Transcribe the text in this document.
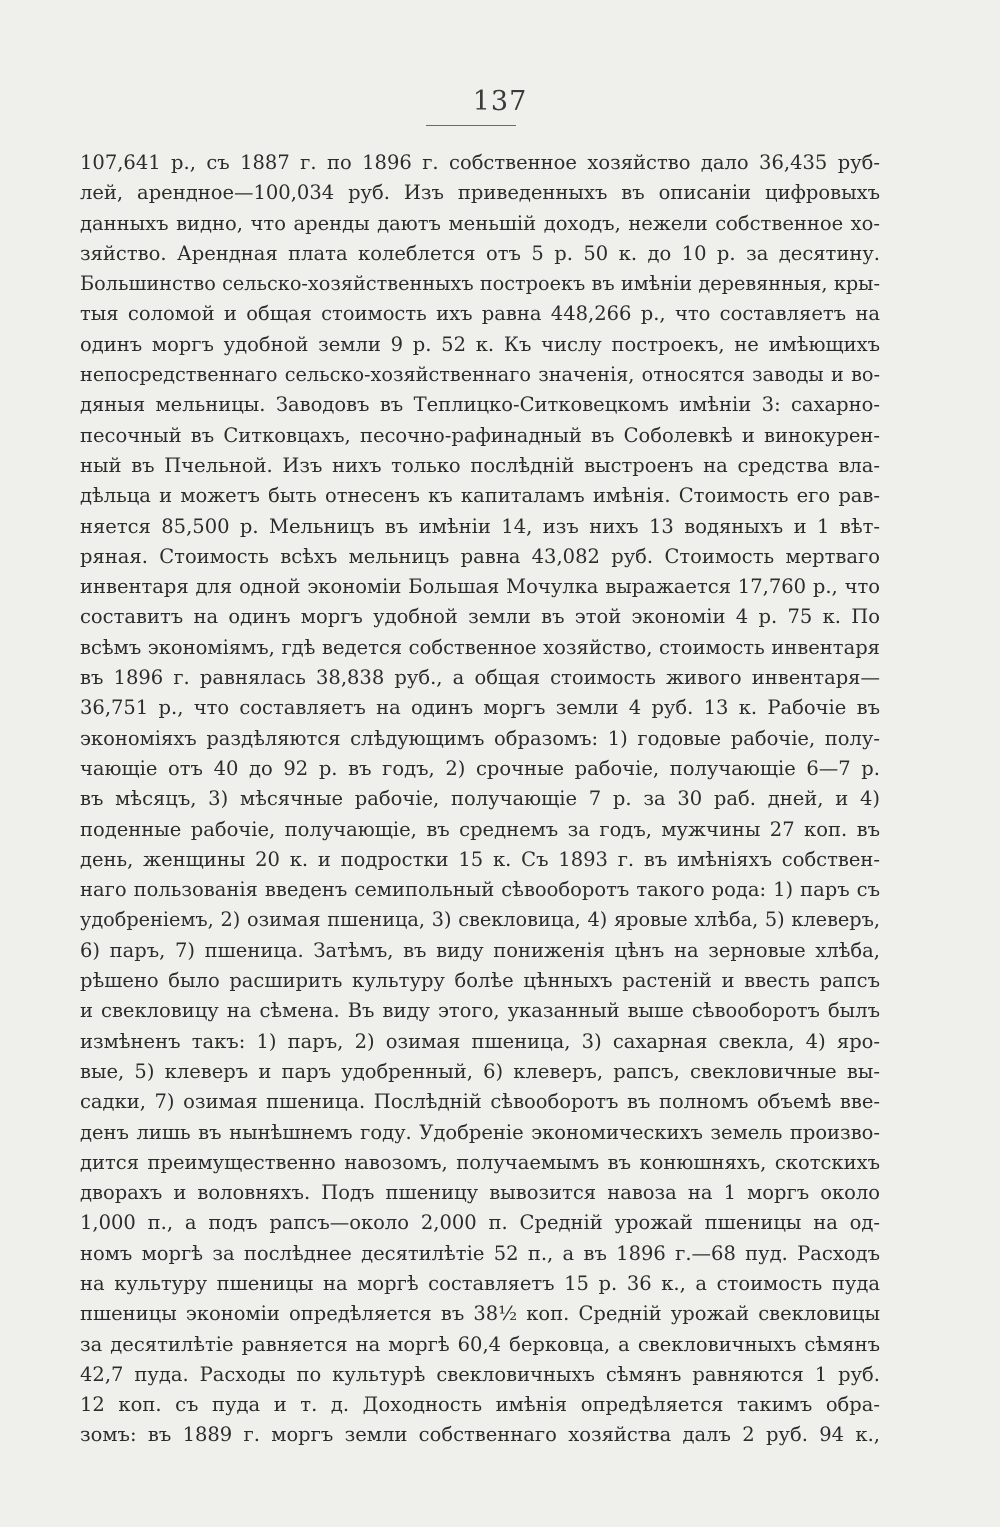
137
107,641 р., съ 1887 г. по 1896 г. собственное хозяйство дало 36,435 руб-
лей, арендное—100,034 руб. Изъ приведенныхъ въ описанiи цифровыхъ
данныхъ видно, что аренды даютъ меньшiй доходъ, нежели собственное хо-
зяйство. Арендная плата колеблется отъ 5 р. 50 к. до 10 р. за десятину.
Большинство сельско-хозяйственныхъ построекъ въ имѣнiи деревянныя, кры-
тыя соломой и общая стоимость ихъ равна 448,266 р., что составляетъ на
одинъ моргъ удобной земли 9 р. 52 к. Къ числу построекъ, не имѣющихъ
непосредственнаго сельско-хозяйственнаго значенiя, относятся заводы и во-
дяныя мельницы. Заводовъ въ Теплицко-Ситковецкомъ имѣнiи 3: сахарно-
песочный въ Ситковцахъ, песочно-рафинадный въ Соболевкѣ и винокурен-
ный въ Пчельной. Изъ нихъ только послѣднiй выстроенъ на средства вла-
дѣльца и можетъ быть отнесенъ къ капиталамъ имѣнiя. Стоимость его рав-
няется 85,500 р. Мельницъ въ имѣнiи 14, изъ нихъ 13 водяныхъ и 1 вѣт-
ряная. Стоимость всѣхъ мельницъ равна 43,082 руб. Стоимость мертваго
инвентаря для одной экономiи Большая Мочулка выражается 17,760 р., что
составитъ на одинъ моргъ удобной земли въ этой экономiи 4 р. 75 к. По
всѣмъ экономiямъ, гдѣ ведется собственное хозяйство, стоимость инвентаря
въ 1896 г. равнялась 38,838 руб., а общая стоимость живого инвентаря—
36,751 р., что составляетъ на одинъ моргъ земли 4 руб. 13 к. Рабочiе въ
экономiяхъ раздѣляются слѣдующимъ образомъ: 1) годовые рабочiе, полу-
чающiе отъ 40 до 92 р. въ годъ, 2) срочные рабочiе, получающiе 6—7 р.
въ мѣсяцъ, 3) мѣсячные рабочiе, получающiе 7 р. за 30 раб. дней, и 4)
поденные рабочiе, получающiе, въ среднемъ за годъ, мужчины 27 коп. въ
день, женщины 20 к. и подростки 15 к. Съ 1893 г. въ имѣнiяхъ собствен-
наго пользованiя введенъ семипольный сѣвооборотъ такого рода: 1) паръ съ
удобренiемъ, 2) озимая пшеница, 3) свекловица, 4) яровые хлѣба, 5) клеверъ,
6) паръ, 7) пшеница. Затѣмъ, въ виду пониженiя цѣнъ на зерновые хлѣба,
рѣшено было расширить культуру болѣе цѣнныхъ растенiй и ввесть рапсъ
и свекловицу на сѣмена. Въ виду этого, указанный выше сѣвооборотъ былъ
измѣненъ такъ: 1) паръ, 2) озимая пшеница, 3) сахарная свекла, 4) яро-
вые, 5) клеверъ и паръ удобренный, 6) клеверъ, рапсъ, свекловичные вы-
садки, 7) озимая пшеница. Послѣднiй сѣвооборотъ въ полномъ объемѣ вве-
денъ лишь въ нынѣшнемъ году. Удобренiе экономическихъ земель произво-
дится преимущественно навозомъ, получаемымъ въ конюшняхъ, скотскихъ
дворахъ и воловняхъ. Подъ пшеницу вывозится навоза на 1 моргъ около
1,000 п., а подъ рапсъ—около 2,000 п. Среднiй урожай пшеницы на од-
номъ моргѣ за послѣднее десятилѣтiе 52 п., а въ 1896 г.—68 пуд. Расходъ
на культуру пшеницы на моргѣ составляетъ 15 р. 36 к., а стоимость пуда
пшеницы экономiи опредѣляется въ 38½ коп. Среднiй урожай свекловицы
за десятилѣтiе равняется на моргѣ 60,4 берковца, а свекловичныхъ сѣмянъ
42,7 пуда. Расходы по культурѣ свекловичныхъ сѣмянъ равняются 1 руб.
12 коп. съ пуда и т. д. Доходность имѣнiя опредѣляется такимъ обра-
зомъ: въ 1889 г. моргъ земли собственнаго хозяйства далъ 2 руб. 94 к.,
